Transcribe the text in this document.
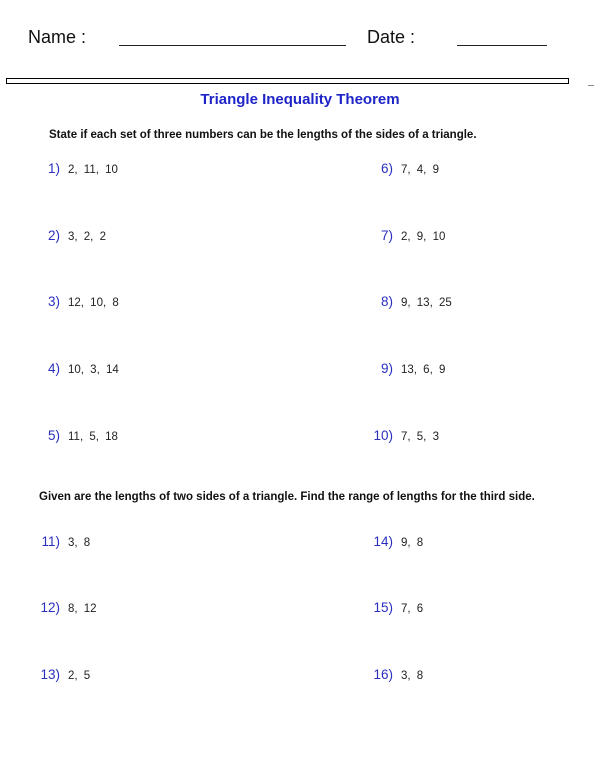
Name :	Date :
Triangle Inequality Theorem
State if each set of three numbers can be the lengths of the sides of a triangle.
1) 2, 11, 10
2) 3, 2, 2
3) 12, 10, 8
4) 10, 3, 14
5) 11, 5, 18
6) 7, 4, 9
7) 2, 9, 10
8) 9, 13, 25
9) 13, 6, 9
10) 7, 5, 3
Given are the lengths of two sides of a triangle. Find the range of lengths for the third side.
11) 3, 8
12) 8, 12
13) 2, 5
14) 9, 8
15) 7, 6
16) 3, 8
